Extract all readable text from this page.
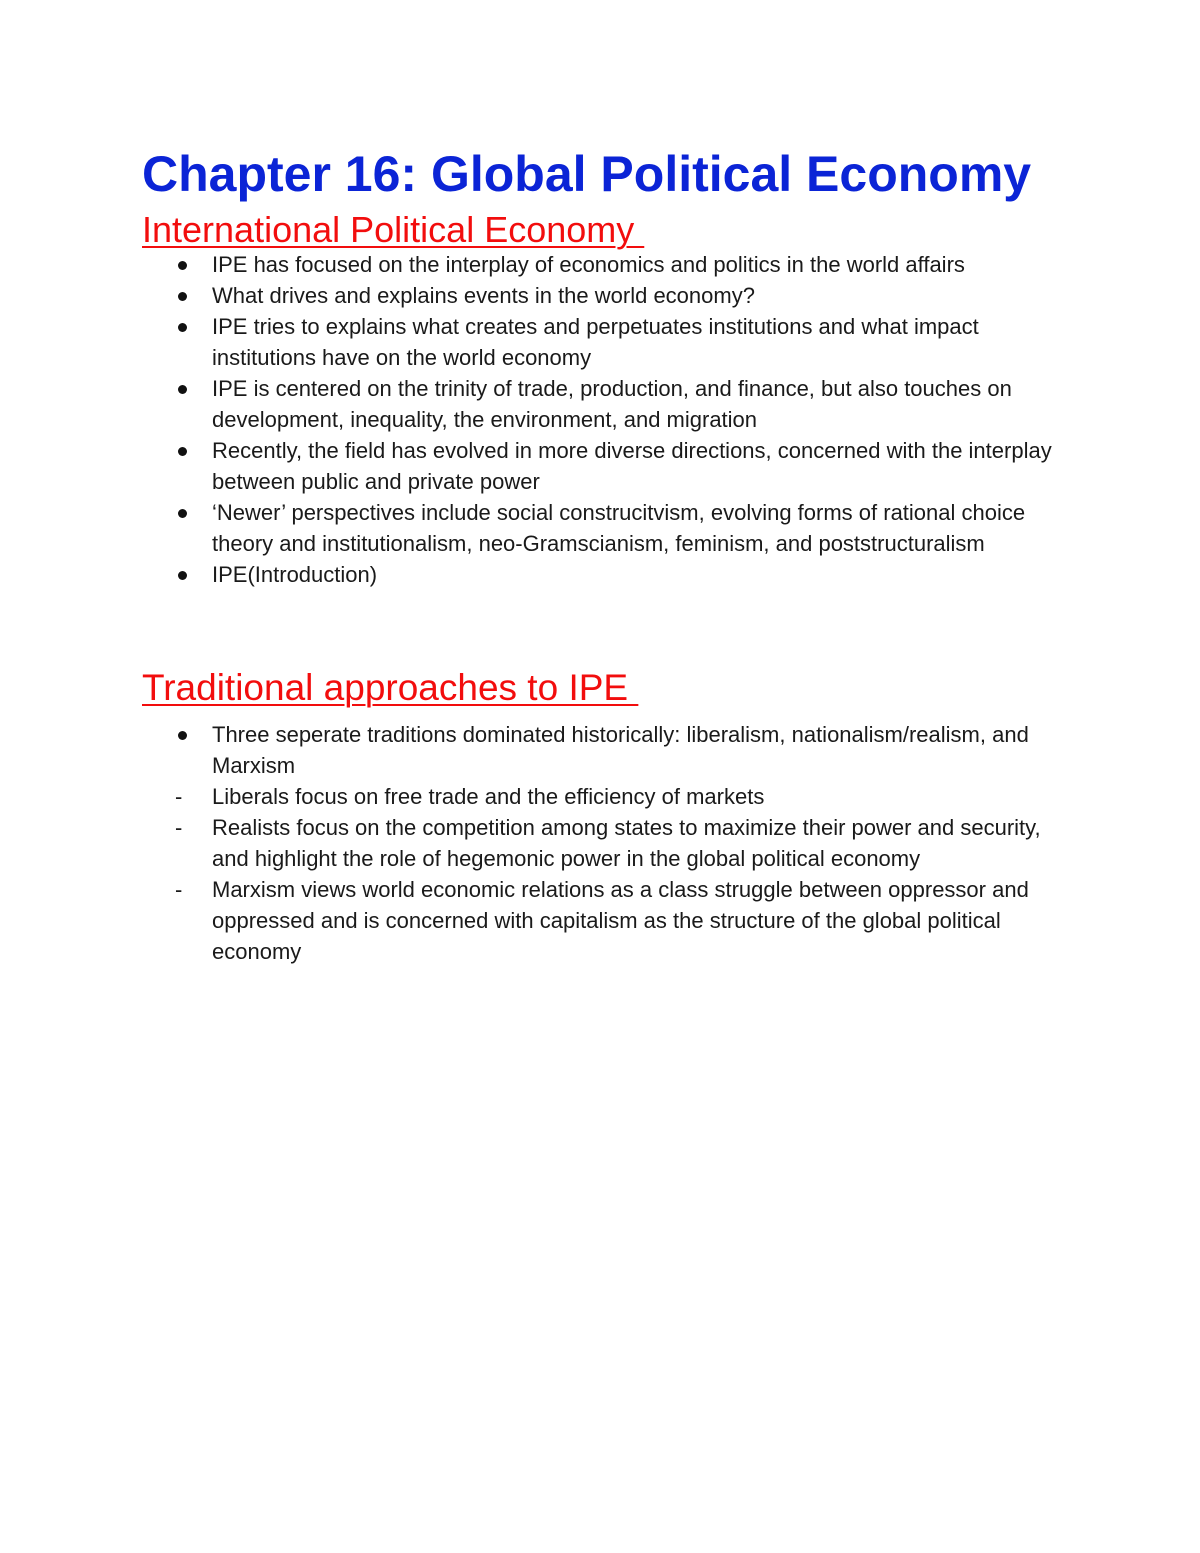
Chapter 16: Global Political Economy
International Political Economy
IPE has focused on the interplay of economics and politics in the world affairs
What drives and explains events in the world economy?
IPE tries to explains what creates and perpetuates institutions and what impact institutions have on the world economy
IPE is centered on the trinity of trade, production, and finance, but also touches on development, inequality, the environment, and migration
Recently, the field has evolved in more diverse directions, concerned with the interplay between public and private power
‘Newer’ perspectives include social construcitvism, evolving forms of rational choice theory and institutionalism, neo-Gramscianism, feminism, and poststructuralism
IPE(Introduction)
Traditional approaches to IPE
Three seperate traditions dominated historically: liberalism, nationalism/realism, and Marxism
- Liberals focus on free trade and the efficiency of markets
- Realists focus on the competition among states to maximize their power and security, and highlight the role of hegemonic power in the global political economy
- Marxism views world economic relations as a class struggle between oppressor and oppressed and is concerned with capitalism as the structure of the global political economy
